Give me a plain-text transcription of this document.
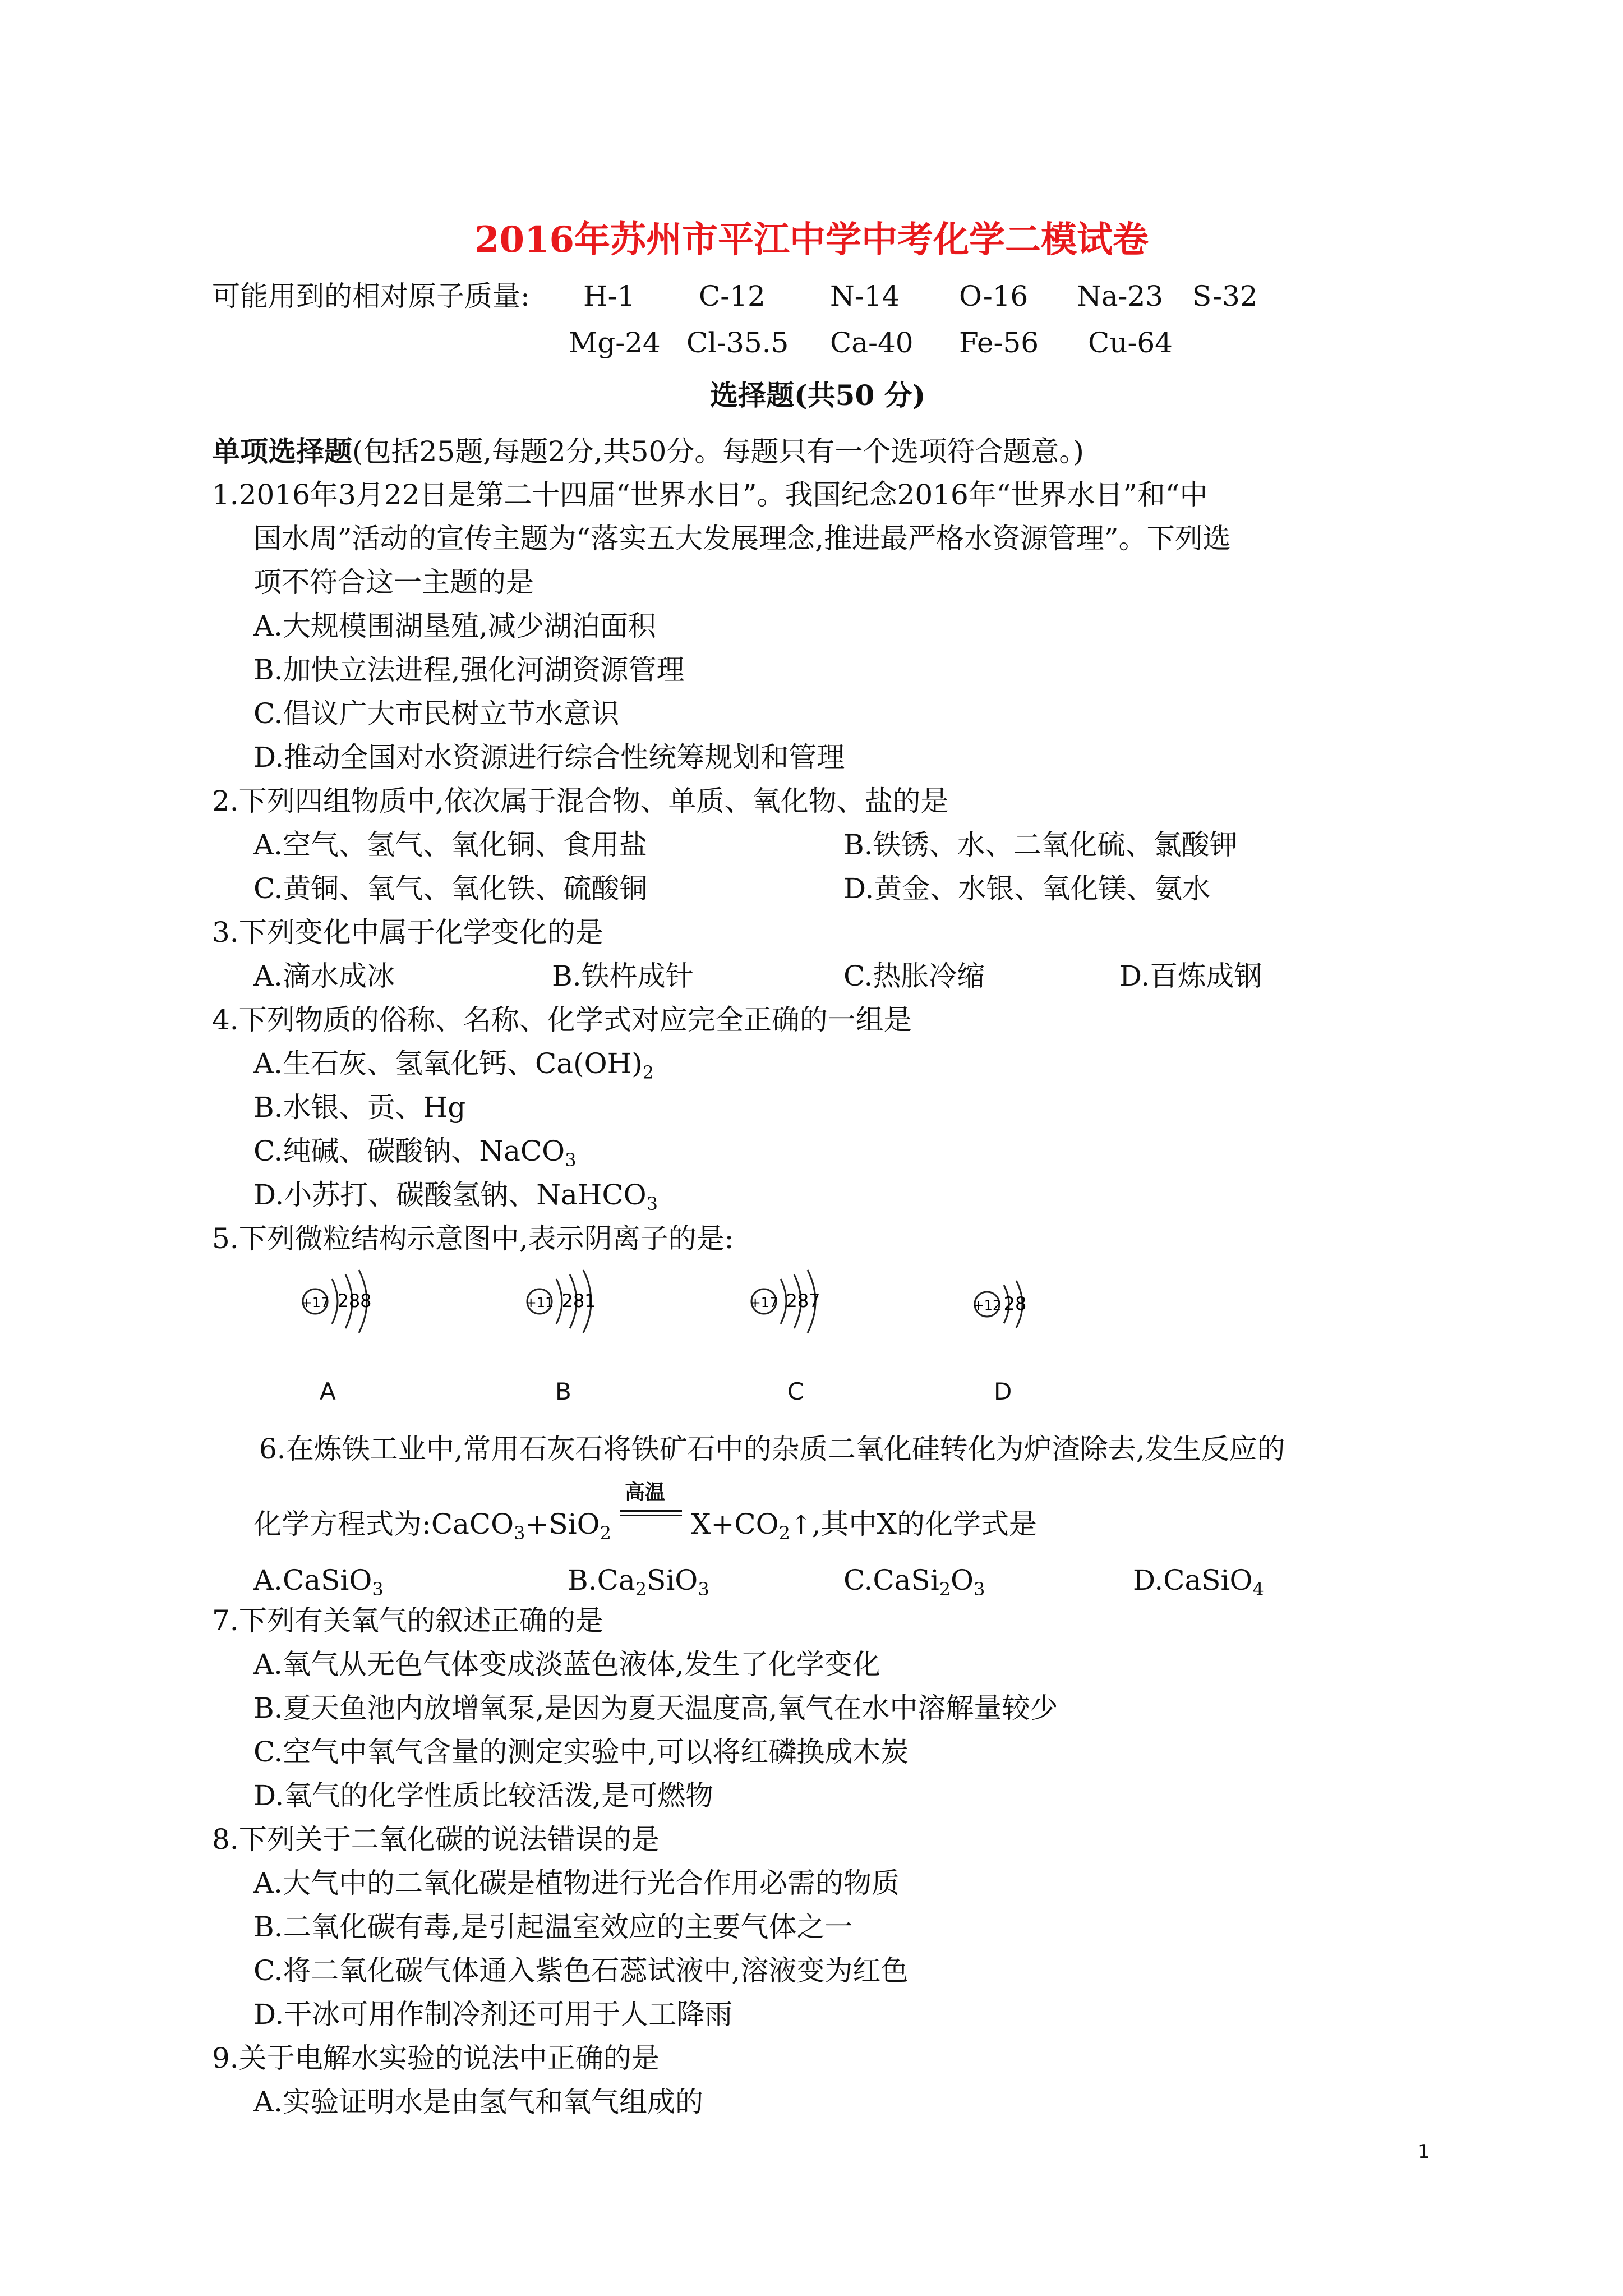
2016年苏州市平江中学中考化学二模试卷
可能用到的相对原子质量: H-1 C-12 N-14 O-16 Na-23 S-32
Mg-24 Cl-35.5 Ca-40 Fe-56 Cu-64
选择题(共50 分)
单项选择题(包括25题,每题2分,共50分。每题只有一个选项符合题意。)
1.2016年3月22日是第二十四届“世界水日”。我国纪念2016年“世界水日”和“中
国水周”活动的宣传主题为“落实五大发展理念,推进最严格水资源管理”。下列选
项不符合这一主题的是
A.大规模围湖垦殖,减少湖泊面积
B.加快立法进程,强化河湖资源管理
C.倡议广大市民树立节水意识
D.推动全国对水资源进行综合性统筹规划和管理
2.下列四组物质中,依次属于混合物、单质、氧化物、盐的是
A.空气、氢气、氧化铜、食用盐	B.铁锈、水、二氧化硫、氯酸钾
C.黄铜、氧气、氧化铁、硫酸铜	D.黄金、水银、氧化镁、氨水
3.下列变化中属于化学变化的是
A.滴水成冰	B.铁杵成针	C.热胀冷缩	D.百炼成钢
4.下列物质的俗称、名称、化学式对应完全正确的一组是
A.生石灰、氢氧化钙、$Ca(OH)_2$
B.水银、贡、Hg
C.纯碱、碳酸钠、NaCO$_3$
D.小苏打、碳酸氢钠、NaHCO$_3$
5.下列微粒结构示意图中,表示阴离子的是:
+17 288
A
+11 281
B
+17 287
C
+12 28
D
6.在炼铁工业中,常用石灰石将铁矿石中的杂质二氧化硅转化为炉渣除去,发生反应的
化学方程式为:CaCO$_3$+SiO$_2$
高温
$X+CO_2↑$,其中X的化学式是
A.CaSiO$_3$	$B.Ca_2SiO_3$	$C.CaSi_2O_3$	D.CaSiO$_4$
7.下列有关氧气的叙述正确的是
A.氧气从无色气体变成淡蓝色液体,发生了化学变化
B.夏天鱼池内放增氧泵,是因为夏天温度高,氧气在水中溶解量较少
C.空气中氧气含量的测定实验中,可以将红磷换成木炭
D.氧气的化学性质比较活泼,是可燃物
8.下列关于二氧化碳的说法错误的是
A.大气中的二氧化碳是植物进行光合作用必需的物质
B.二氧化碳有毒,是引起温室效应的主要气体之一
C.将二氧化碳气体通入紫色石蕊试液中,溶液变为红色
D.干冰可用作制冷剂还可用于人工降雨
9.关于电解水实验的说法中正确的是
A.实验证明水是由氢气和氧气组成的
1
